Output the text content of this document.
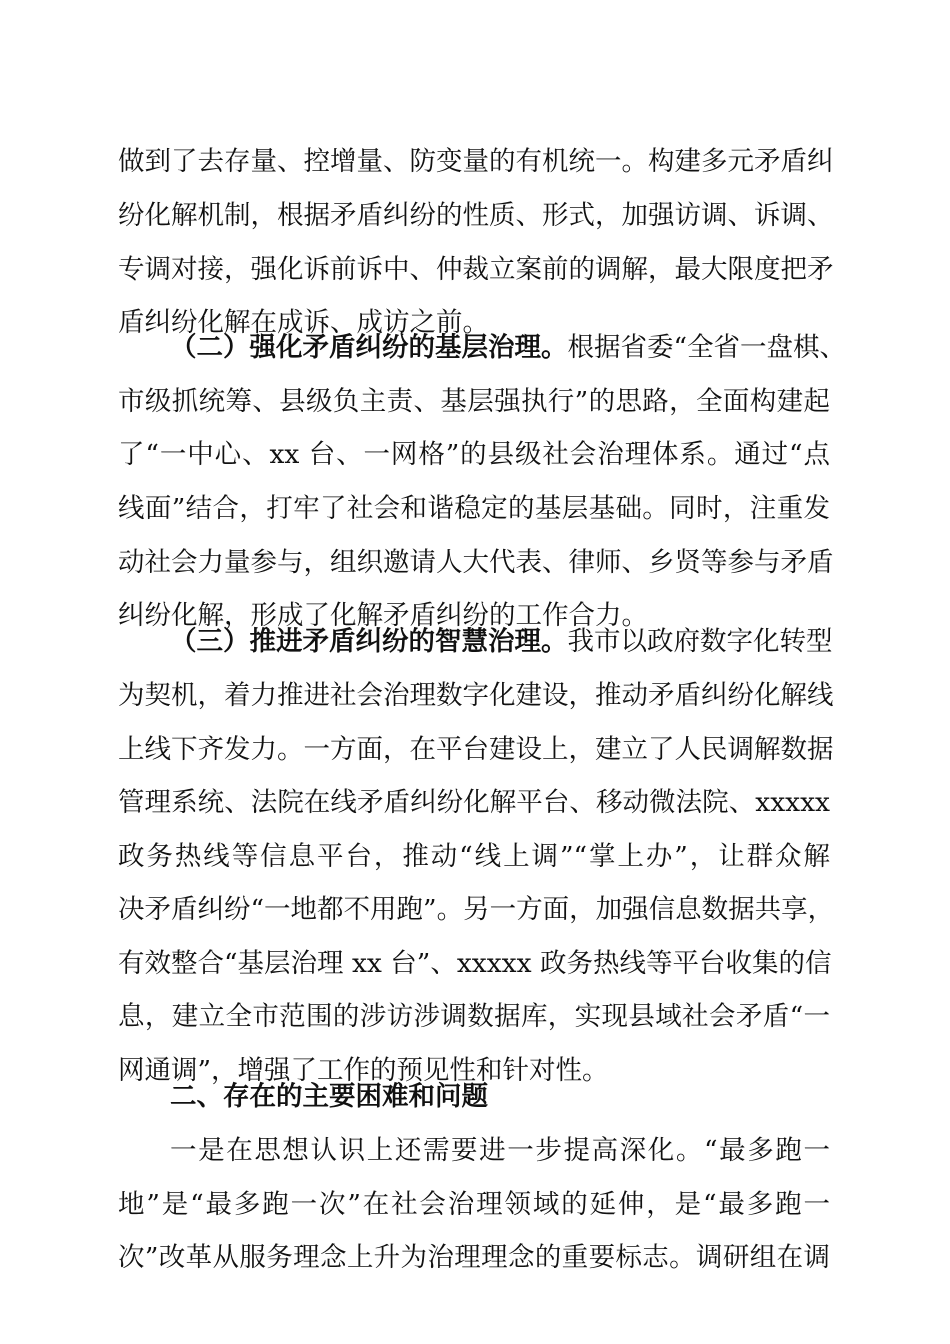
做到了去存量、控增量、防变量的有机统一。构建多元矛盾纠
纷化解机制，根据矛盾纠纷的性质、形式，加强访调、诉调、
专调对接，强化诉前诉中、仲裁立案前的调解，最大限度把矛
盾纠纷化解在成诉、成访之前。
（二）强化矛盾纠纷的基层治理。根据省委“全省一盘棋、
市级抓统筹、县级负主责、基层强执行”的思路，全面构建起
了“一中心、xx 台、一网格”的县级社会治理体系。通过“点
线面”结合，打牢了社会和谐稳定的基层基础。同时，注重发
动社会力量参与，组织邀请人大代表、律师、乡贤等参与矛盾
纠纷化解，形成了化解矛盾纠纷的工作合力。
（三）推进矛盾纠纷的智慧治理。我市以政府数字化转型
为契机，着力推进社会治理数字化建设，推动矛盾纠纷化解线
上线下齐发力。一方面，在平台建设上，建立了人民调解数据
管理系统、法院在线矛盾纠纷化解平台、移动微法院、xxxxx
政务热线等信息平台，推动“线上调”“掌上办”，让群众解
决矛盾纠纷“一地都不用跑”。另一方面，加强信息数据共享，
有效整合“基层治理 xx 台”、xxxxx 政务热线等平台收集的信
息，建立全市范围的涉访涉调数据库，实现县域社会矛盾“一
网通调”，增强了工作的预见性和针对性。
二、存在的主要困难和问题
一是在思想认识上还需要进一步提高深化。“最多跑一
地”是“最多跑一次”在社会治理领域的延伸，是“最多跑一
次”改革从服务理念上升为治理理念的重要标志。调研组在调
